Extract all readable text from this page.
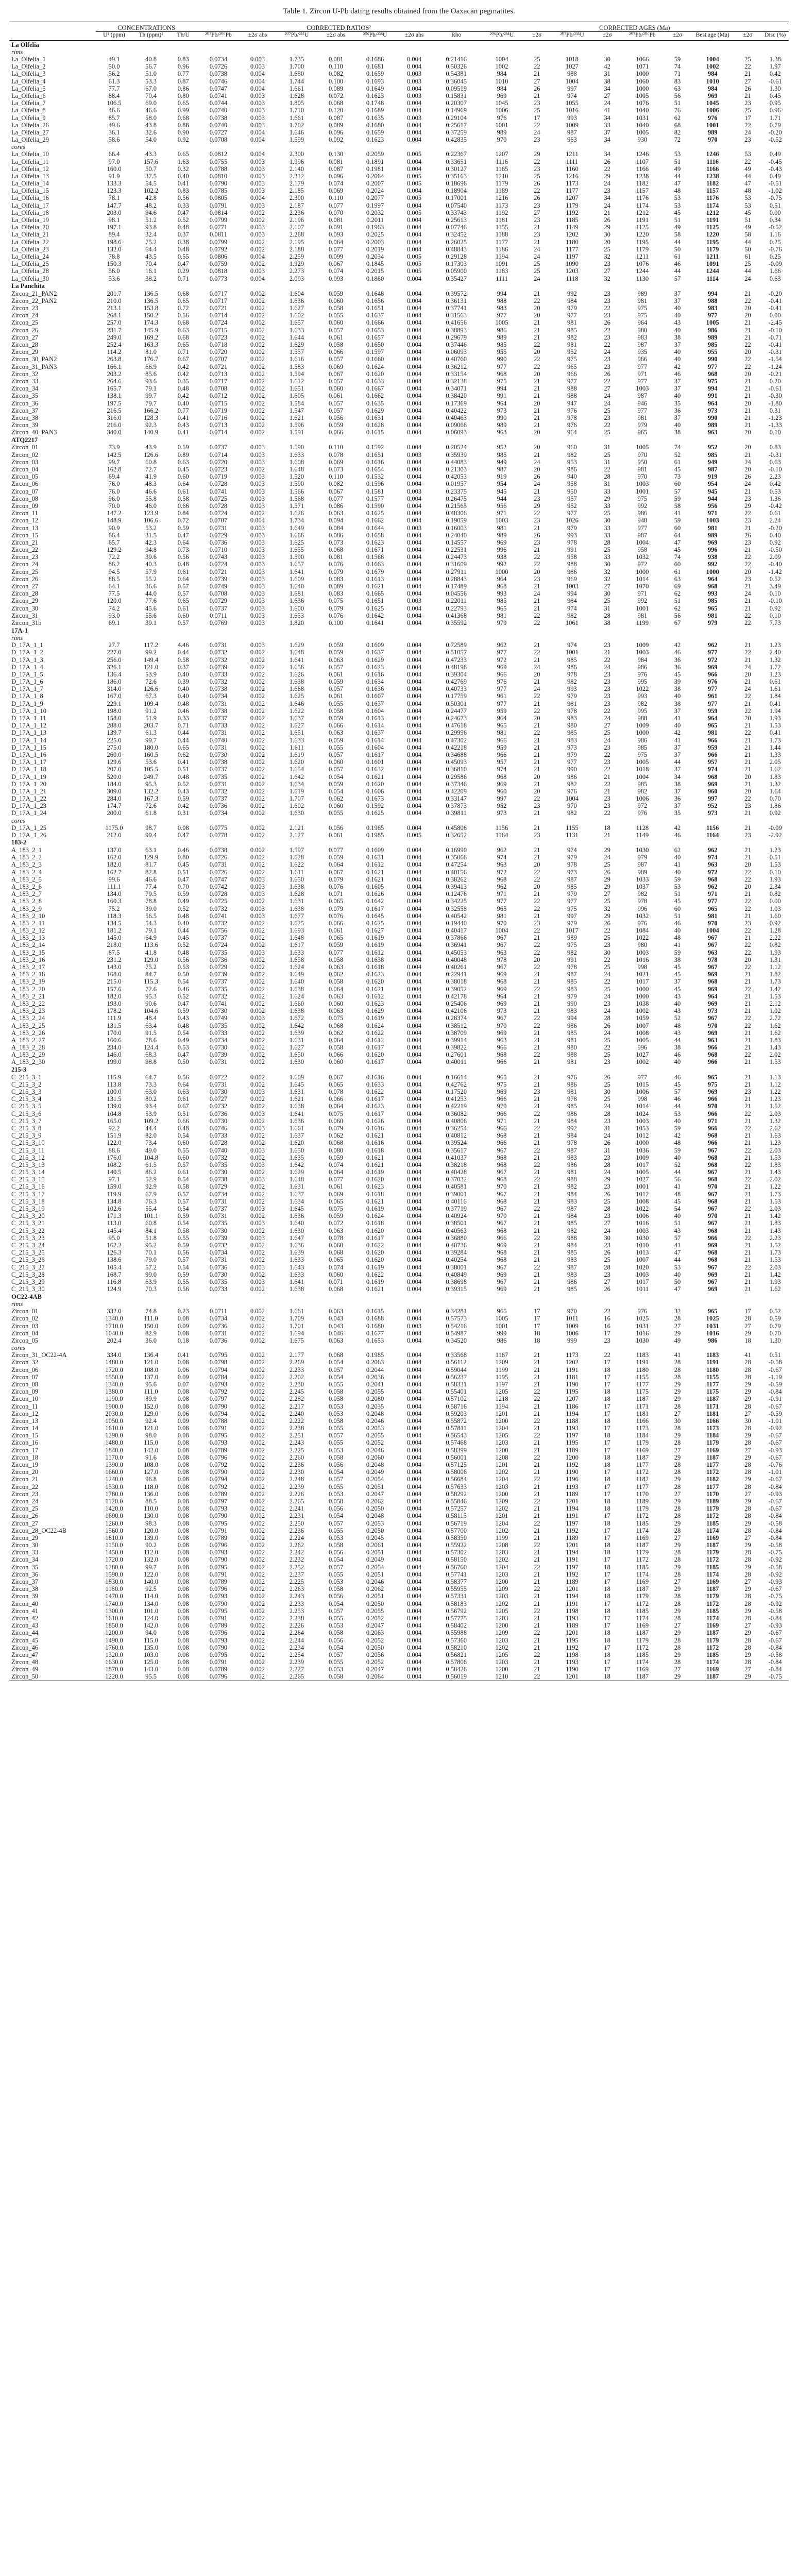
Table 1. Zircon U-Pb dating results obtained from the Oaxacan pegmatites.
	CONCENTRATIONS			CORRECTED RATIOS²							CORRECTED AGES (Ma)								
	U¹ (ppm)	Th (ppm)¹	Th/U	²⁰⁷Pb/²⁰⁶Pb	±2σ abs	²⁰⁷Pb/²³⁵U	±2σ abs	²⁰⁶Pb/²³⁸U	±2σ abs	Rho	²⁰⁶Pb/²³⁸U	±2σ	²⁰⁷Pb/²³⁵U	±2σ	²⁰⁷Pb/²⁰⁶Pb	±2σ	Best age (Ma)	±2σ	Disc (%)
La Olfelia																			
rims																			
La_Olfelia_1	49.1	40.8	0.83	0.0734	0.003	1.735	0.081	0.1686	0.004	0.21416	1004	25	1018	30	1066	59	1004	25	1.38
La_Olfelia_2	50.0	56.7	0.96	0.0726	0.003	1.700	0.110	0.1681	0.004	0.50326	1002	22	1027	42	1071	74	1002	22	1.97
La_Olfelia_3	56.2	51.0	0.77	0.0738	0.004	1.680	0.082	0.1659	0.003	0.54381	984	21	988	31	1000	71	984	21	0.42
La_Olfelia_4	61.3	53.3	0.87	0.0746	0.004	1.744	0.100	0.1693	0.003	0.36045	1010	27	1004	38	1060	83	1010	27	-0.61
La_Olfelia_5	77.7	67.0	0.86	0.0747	0.004	1.661	0.089	0.1649	0.004	0.09519	984	26	997	34	1000	63	984	26	1.30
La_Olfelia_6	88.4	70.4	0.80	0.0741	0.003	1.628	0.072	0.1623	0.003	0.15831	969	21	974	27	1005	56	969	21	0.45
La_Olfelia_7	106.5	69.0	0.65	0.0744	0.003	1.805	0.068	0.1748	0.004	0.20307	1045	23	1055	24	1076	51	1045	23	0.95
La_Olfelia_8	46.6	46.6	0.99	0.0740	0.003	1.710	0.120	0.1689	0.004	0.14969	1006	25	1016	41	1040	76	1006	25	0.96
La_Olfelia_9	85.7	58.0	0.68	0.0738	0.003	1.661	0.087	0.1635	0.003	0.29104	976	17	993	34	1031	62	976	17	1.71
La_Olfelia_26	49.6	43.8	0.88	0.0740	0.003	1.702	0.089	0.1680	0.004	0.25617	1001	22	1009	33	1040	68	1001	22	0.79
La_Olfelia_27	36.1	32.6	0.90	0.0727	0.004	1.646	0.096	0.1659	0.004	0.37259	989	24	987	37	1005	82	989	24	-0.20
La_Olfelia_29	58.6	54.0	0.92	0.0708	0.004	1.599	0.092	0.1623	0.004	0.42835	970	23	963	34	930	72	970	23	-0.52
cores																			
La_Olfelia_10	66.4	43.3	0.65	0.0812	0.004	2.300	0.130	0.2059	0.005	0.22367	1207	29	1211	34	1246	53	1246	53	0.49
La_Olfelia_11	97.0	157.6	1.63	0.0755	0.003	1.996	0.081	0.1891	0.004	0.33651	1116	22	1111	26	1107	51	1116	22	-0.45
La_Olfelia_12	160.0	50.7	0.32	0.0788	0.003	2.140	0.087	0.1981	0.004	0.30127	1165	23	1160	22	1166	49	1166	49	-0.43
La_Olfelia_13	91.9	37.5	0.40	0.0810	0.003	2.312	0.096	0.2064	0.005	0.35163	1210	25	1216	29	1238	44	1238	44	0.49
La_Olfelia_14	133.3	54.5	0.41	0.0790	0.003	2.179	0.074	0.2007	0.005	0.18696	1179	26	1173	24	1182	47	1182	47	-0.51
La_Olfelia_15	123.3	102.2	0.83	0.0785	0.003	2.185	0.069	0.2024	0.004	0.18904	1189	22	1177	23	1157	48	1157	48	-1.02
La_Olfelia_16	78.1	42.8	0.56	0.0805	0.004	2.300	0.110	0.2077	0.005	0.17001	1216	26	1207	34	1176	53	1176	53	-0.75
La_Olfelia_17	147.7	48.2	0.33	0.0791	0.003	2.187	0.077	0.1997	0.004	0.07540	1173	23	1179	24	1174	53	1174	53	0.51
La_Olfelia_18	203.0	94.6	0.47	0.0814	0.002	2.236	0.070	0.2032	0.005	0.33743	1192	27	1192	21	1212	45	1212	45	0.00
La_Olfelia_19	98.1	51.2	0.52	0.0799	0.002	2.196	0.081	0.2011	0.004	0.25613	1181	23	1185	26	1191	51	1191	51	0.34
La_Olfelia_20	197.1	93.8	0.48	0.0771	0.003	2.107	0.091	0.1963	0.004	0.07746	1155	21	1149	29	1125	49	1125	49	-0.52
La_Olfelia_21	89.4	32.4	0.37	0.0811	0.003	2.268	0.093	0.2025	0.004	0.32452	1188	23	1202	30	1220	58	1220	58	1.16
La_Olfelia_22	198.6	75.2	0.38	0.0799	0.002	2.195	0.064	0.2003	0.004	0.26025	1177	21	1180	20	1195	44	1195	44	0.25
La_Olfelia_23	132.0	64.4	0.48	0.0792	0.002	2.188	0.077	0.2019	0.004	0.48843	1186	24	1177	25	1179	50	1179	50	-0.76
La_Olfelia_24	78.8	43.5	0.55	0.0806	0.004	2.259	0.099	0.2034	0.005	0.29128	1194	24	1197	32	1211	61	1211	61	0.25
La_Olfelia_25	150.3	70.4	0.47	0.0759	0.002	1.929	0.067	0.1845	0.005	0.17303	1091	25	1090	23	1076	46	1091	25	-0.09
La_Olfelia_28	56.0	16.1	0.29	0.0818	0.003	2.273	0.074	0.2015	0.005	0.05900	1183	25	1203	27	1244	44	1244	44	1.66
La_Olfelia_30	53.6	38.2	0.71	0.0773	0.004	2.003	0.093	0.1880	0.004	0.35427	1111	24	1118	32	1130	57	1114	24	0.63
La Panchita																			
Zircon_21_PAN2	201.7	136.5	0.68	0.0717	0.002	1.604	0.059	0.1648	0.004	0.39572	994	21	992	23	989	37	994	21	-0.20
Zircon_22_PAN2	210.0	136.5	0.65	0.0717	0.002	1.636	0.060	0.1656	0.004	0.36131	988	22	984	23	981	37	988	22	-0.41
Zircon_23	213.1	153.8	0.72	0.0721	0.002	1.627	0.058	0.1651	0.004	0.37741	983	20	979	22	975	40	983	20	-0.41
Zircon_24	268.1	150.2	0.56	0.0714	0.002	1.602	0.055	0.1637	0.004	0.31563	977	20	977	23	975	40	977	20	0.00
Zircon_25	257.0	174.3	0.68	0.0724	0.002	1.657	0.060	0.1666	0.004	0.41656	1005	21	981	26	964	43	1005	21	-2.45
Zircon_26	231.7	145.9	0.63	0.0715	0.002	1.633	0.057	0.1653	0.004	0.38893	986	21	985	22	980	40	986	21	-0.10
Zircon_27	249.0	169.2	0.68	0.0723	0.002	1.644	0.061	0.1657	0.004	0.29679	989	21	982	23	983	38	989	21	-0.71
Zircon_28	252.4	163.3	0.65	0.0718	0.002	1.629	0.058	0.1650	0.004	0.37446	985	22	981	22	987	37	985	22	-0.41
Zircon_29	114.2	81.0	0.71	0.0720	0.002	1.557	0.066	0.1597	0.004	0.06093	955	20	952	24	935	40	955	20	-0.31
Zircon_30_PAN2	263.8	176.7	0.67	0.0707	0.002	1.616	0.057	0.1660	0.004	0.40760	990	22	975	23	966	40	990	22	-1.54
Zircon_31_PAN3	166.1	66.9	0.42	0.0721	0.002	1.583	0.069	0.1624	0.004	0.36212	977	22	965	23	977	42	977	22	-1.24
Zircon_32	203.2	85.6	0.42	0.0713	0.002	1.594	0.067	0.1620	0.004	0.33154	968	20	966	26	971	46	968	20	-0.21
Zircon_33	264.6	93.6	0.35	0.0717	0.002	1.612	0.057	0.1633	0.004	0.32138	975	21	977	22	977	37	975	21	0.20
Zircon_34	165.7	79.1	0.48	0.0708	0.002	1.651	0.060	0.1667	0.004	0.34071	994	21	988	27	1003	37	994	21	-0.61
Zircon_35	138.1	99.7	0.42	0.0712	0.002	1.605	0.061	0.1662	0.004	0.38420	991	21	988	24	987	40	991	21	-0.30
Zircon_36	197.5	79.7	0.40	0.0715	0.002	1.584	0.057	0.1635	0.004	0.17369	964	20	947	24	946	35	964	20	-1.80
Zircon_37	216.5	166.2	0.77	0.0719	0.002	1.547	0.057	0.1629	0.004	0.40422	973	21	976	25	977	36	973	21	0.31
Zircon_38	316.0	128.3	0.41	0.0716	0.002	1.621	0.056	0.1631	0.004	0.40463	990	21	978	23	981	37	990	21	-1.23
Zircon_39	216.0	92.3	0.43	0.0713	0.002	1.596	0.059	0.1628	0.004	0.09066	989	21	976	22	979	40	989	21	-1.33
Zircon_40_PAN3	340.0	140.9	0.41	0.0714	0.002	1.591	0.066	0.1615	0.004	0.06093	963	20	964	25	965	38	963	20	0.10
ATQ2217																			
Zircon_01	73.9	43.9	0.59	0.0737	0.003	1.590	0.110	0.1592	0.004	0.20524	952	20	960	31	1005	74	952	20	0.83
Zircon_02	142.5	126.6	0.89	0.0714	0.003	1.633	0.078	0.1651	0.003	0.35939	985	21	982	25	970	52	985	21	-0.31
Zircon_03	99.7	60.8	0.63	0.0720	0.003	1.608	0.069	0.1616	0.004	0.44083	949	24	953	31	950	61	949	24	0.63
Zircon_04	162.8	72.7	0.45	0.0723	0.002	1.648	0.073	0.1654	0.004	0.21303	987	20	986	22	981	45	987	20	-0.10
Zircon_05	69.4	41.9	0.60	0.0719	0.003	1.520	0.110	0.1532	0.004	0.42053	919	26	940	28	970	73	919	26	2.23
Zircon_06	76.0	48.3	0.64	0.0728	0.003	1.590	0.082	0.1596	0.004	0.01957	954	24	958	31	1003	60	954	24	0.42
Zircon_07	76.0	46.6	0.61	0.0741	0.003	1.566	0.067	0.1581	0.003	0.23375	945	21	950	33	1001	57	945	21	0.53
Zircon_08	96.0	55.8	0.58	0.0725	0.003	1.568	0.077	0.1577	0.004	0.26475	944	23	957	29	975	59	944	23	1.36
Zircon_09	70.0	46.0	0.66	0.0728	0.003	1.571	0.086	0.1590	0.004	0.21565	956	29	952	33	992	58	956	29	-0.42
Zircon_11	147.2	123.9	0.84	0.0724	0.002	1.626	0.063	0.1625	0.004	0.48306	971	22	977	25	986	41	971	22	0.61
Zircon_12	148.9	106.6	0.72	0.0707	0.004	1.734	0.094	0.1662	0.004	0.19059	1003	23	1026	30	948	59	1003	23	2.24
Zircon_13	90.9	53.2	0.59	0.0731	0.003	1.649	0.084	0.1644	0.003	0.16003	981	21	979	33	977	60	981	21	-0.20
Zircon_15	66.4	31.5	0.47	0.0729	0.003	1.666	0.086	0.1658	0.004	0.24040	989	26	993	33	987	64	989	26	0.40
Zircon_21	65.7	42.3	0.64	0.0736	0.003	1.625	0.073	0.1623	0.004	0.14557	969	23	978	28	1004	47	969	23	0.92
Zircon_22	129.2	94.8	0.73	0.0710	0.003	1.655	0.068	0.1671	0.004	0.22531	996	21	991	25	958	45	996	21	-0.50
Zircon_23	72.2	39.6	0.56	0.0743	0.003	1.590	0.081	0.1568	0.004	0.24473	938	22	958	33	1032	74	938	22	2.09
Zircon_24	86.2	40.3	0.48	0.0724	0.003	1.657	0.076	0.1663	0.004	0.31609	992	22	988	30	972	60	992	22	-0.40
Zircon_25	94.5	57.9	0.61	0.0721	0.003	1.641	0.079	0.1679	0.004	0.27911	1000	20	986	32	1000	61	1000	20	-1.42
Zircon_26	88.5	55.2	0.64	0.0739	0.003	1.609	0.083	0.1613	0.004	0.28843	964	23	969	32	1014	63	964	23	0.52
Zircon_27	64.1	36.6	0.57	0.0749	0.003	1.640	0.089	0.1621	0.004	0.17489	968	21	1003	27	1070	69	968	21	3.49
Zircon_28	77.5	44.0	0.57	0.0708	0.003	1.681	0.083	0.1665	0.004	0.04556	993	24	994	30	971	62	993	24	0.10
Zircon_29	120.0	77.6	0.65	0.0729	0.003	1.636	0.075	0.1651	0.003	0.22011	985	21	984	25	992	51	985	21	-0.10
Zircon_30	74.2	45.6	0.61	0.0737	0.003	1.600	0.079	0.1625	0.004	0.22793	965	21	974	31	1001	62	965	21	0.92
Zircon_31	93.0	55.6	0.60	0.0711	0.003	1.653	0.076	0.1642	0.004	0.41368	981	22	982	28	981	56	981	22	0.10
Zircon_31b	69.1	39.1	0.57	0.0769	0.003	1.820	0.100	0.1641	0.004	0.35592	979	22	1061	38	1199	67	979	22	7.73
17A-1																			
rims																			
D_17A_1_1	27.7	117.2	4.46	0.0731	0.003	1.629	0.059	0.1609	0.004	0.72589	962	21	974	23	1009	42	962	21	1.23
D_17A_1_2	227.0	99.2	0.44	0.0732	0.002	1.648	0.059	0.1637	0.004	0.51057	977	22	1001	21	1003	46	977	22	2.40
D_17A_1_3	256.0	149.4	0.58	0.0732	0.002	1.641	0.063	0.1629	0.004	0.47233	972	21	985	22	984	36	972	21	1.32
D_17A_1_4	326.1	121.0	0.37	0.0739	0.002	1.656	0.057	0.1623	0.004	0.48196	969	24	986	24	986	36	969	24	1.72
D_17A_1_5	136.4	53.9	0.40	0.0733	0.002	1.626	0.061	0.1616	0.004	0.39304	966	20	978	23	976	45	966	20	1.23
D_17A_1_6	186.0	72.6	0.39	0.0732	0.002	1.638	0.059	0.1634	0.004	0.42769	976	21	982	23	995	39	976	21	0.61
D_17A_1_7	314.0	126.6	0.40	0.0738	0.002	1.668	0.057	0.1636	0.004	0.40733	977	24	993	23	1022	38	977	24	1.61
D_17A_1_8	167.0	67.3	0.40	0.0734	0.002	1.625	0.061	0.1607	0.004	0.17759	961	22	979	23	993	40	961	22	1.84
D_17A_1_9	229.1	109.4	0.48	0.0731	0.002	1.646	0.055	0.1637	0.004	0.50301	977	21	981	23	982	38	977	21	0.41
D_17A_1_10	198.0	91.2	0.46	0.0738	0.002	1.622	0.058	0.1604	0.004	0.24477	959	22	978	22	995	37	959	22	1.94
D_17A_1_11	158.0	51.9	0.33	0.0737	0.002	1.637	0.059	0.1613	0.004	0.24673	964	20	983	24	988	41	964	20	1.93
D_17A_1_12	288.0	203.7	0.71	0.0733	0.002	1.627	0.066	0.1614	0.004	0.47618	965	21	980	27	1009	40	965	21	1.53
D_17A_1_13	139.7	61.3	0.44	0.0731	0.002	1.651	0.063	0.1637	0.004	0.29996	981	22	985	25	1000	42	981	22	0.41
D_17A_1_14	225.0	99.7	0.44	0.0740	0.002	1.633	0.059	0.1614	0.004	0.47302	966	21	983	24	986	41	966	21	1.73
D_17A_1_15	275.0	180.0	0.65	0.0731	0.002	1.611	0.055	0.1604	0.004	0.42218	959	21	973	23	985	37	959	21	1.44
D_17A_1_16	260.0	160.5	0.62	0.0730	0.002	1.619	0.057	0.1617	0.004	0.34688	966	21	979	22	975	37	966	21	1.33
D_17A_1_17	129.6	53.6	0.41	0.0738	0.002	1.620	0.060	0.1601	0.004	0.45093	957	21	977	23	1005	44	957	21	2.05
D_17A_1_18	207.0	105.5	0.51	0.0737	0.002	1.654	0.057	0.1632	0.004	0.36810	974	21	990	22	1018	37	974	21	1.62
D_17A_1_19	520.0	249.7	0.48	0.0735	0.002	1.642	0.054	0.1621	0.004	0.29586	968	20	986	21	1004	34	968	20	1.83
D_17A_1_20	184.0	95.3	0.52	0.0731	0.002	1.634	0.059	0.1620	0.004	0.37346	969	21	982	22	985	38	969	21	1.32
D_17A_1_21	309.0	132.2	0.43	0.0732	0.002	1.619	0.054	0.1606	0.004	0.42209	960	20	976	21	982	37	960	20	1.64
D_17A_1_22	284.0	167.3	0.59	0.0737	0.002	1.707	0.062	0.1673	0.004	0.33147	997	22	1004	23	1006	36	997	22	0.70
D_17A_1_23	174.7	72.6	0.42	0.0736	0.002	1.602	0.060	0.1592	0.004	0.37873	952	23	970	23	972	37	952	23	1.86
D_17A_1_24	200.0	61.8	0.31	0.0734	0.002	1.630	0.055	0.1625	0.004	0.39811	973	21	982	22	976	35	973	21	0.92
cores																			
D_17A_1_25	1175.0	98.7	0.08	0.0775	0.002	2.121	0.056	0.1965	0.004	0.45806	1156	21	1155	18	1128	42	1156	21	-0.09
D_17A_1_26	212.0	99.4	0.47	0.0778	0.002	2.127	0.061	0.1985	0.005	0.32652	1164	23	1131	21	1149	46	1164	23	-2.92
183-2																			
A_183_2_1	137.0	63.1	0.46	0.0738	0.002	1.597	0.077	0.1609	0.004	0.16990	962	21	974	29	1030	62	962	21	1.23
A_183_2_2	162.0	129.9	0.80	0.0726	0.002	1.628	0.059	0.1631	0.004	0.35066	974	21	979	24	979	40	974	21	0.51
A_183_2_3	182.0	81.7	0.45	0.0731	0.002	1.622	0.064	0.1612	0.004	0.47254	963	20	978	25	987	41	963	20	1.53
A_183_2_4	162.7	82.8	0.51	0.0726	0.002	1.611	0.067	0.1621	0.004	0.40156	972	22	973	26	989	40	972	22	0.10
A_183_2_5	99.6	46.6	0.47	0.0747	0.003	1.650	0.079	0.1621	0.004	0.38262	968	22	987	29	1033	59	968	22	1.93
A_183_2_6	111.1	77.4	0.70	0.0742	0.003	1.638	0.076	0.1605	0.004	0.39413	962	20	985	29	1037	53	962	20	2.34
A_183_2_7	134.0	79.5	0.59	0.0728	0.003	1.628	0.071	0.1626	0.004	0.12476	971	21	979	27	982	51	971	21	0.82
A_183_2_8	160.3	78.8	0.49	0.0725	0.002	1.631	0.065	0.1642	0.004	0.34225	977	22	977	25	978	45	977	22	0.00
A_183_2_9	75.2	39.0	0.52	0.0732	0.003	1.638	0.079	0.1617	0.004	0.32558	965	22	975	32	996	60	965	22	1.03
A_183_2_10	118.3	56.5	0.48	0.0741	0.003	1.677	0.076	0.1645	0.004	0.40542	981	21	997	29	1032	51	981	21	1.60
A_183_2_11	134.5	54.3	0.40	0.0732	0.002	1.625	0.066	0.1625	0.004	0.19440	970	23	979	26	976	46	970	23	0.92
A_183_2_12	181.2	79.1	0.44	0.0756	0.002	1.693	0.061	0.1627	0.004	0.40417	1004	22	1017	22	1084	40	1004	22	1.28
A_183_2_13	145.0	64.9	0.45	0.0737	0.002	1.648	0.065	0.1619	0.004	0.37866	967	21	989	25	1022	48	967	21	2.22
A_183_2_14	218.0	113.6	0.52	0.0724	0.002	1.617	0.059	0.1619	0.004	0.36941	967	22	975	23	980	41	967	22	0.82
A_183_2_15	87.5	41.8	0.48	0.0735	0.003	1.633	0.077	0.1612	0.004	0.45053	963	22	982	30	1003	59	963	22	1.93
A_183_2_16	231.2	129.0	0.56	0.0736	0.002	1.658	0.058	0.1638	0.004	0.40048	978	20	991	22	1016	38	978	20	1.31
A_183_2_17	143.0	75.2	0.53	0.0729	0.002	1.624	0.063	0.1618	0.004	0.40261	967	22	978	25	998	45	967	22	1.12
A_183_2_18	168.0	84.7	0.50	0.0739	0.002	1.649	0.062	0.1623	0.004	0.22941	969	21	987	24	1021	45	969	21	1.82
A_183_2_19	215.0	115.3	0.54	0.0737	0.002	1.640	0.058	0.1620	0.004	0.38018	968	21	985	22	1017	37	968	21	1.73
A_183_2_20	157.6	72.6	0.46	0.0735	0.002	1.638	0.064	0.1621	0.004	0.39052	969	22	983	25	1000	45	969	22	1.42
A_183_2_21	182.0	95.3	0.52	0.0732	0.002	1.624	0.063	0.1612	0.004	0.42178	964	21	979	24	1000	43	964	21	1.53
A_183_2_22	193.0	90.6	0.47	0.0741	0.002	1.660	0.060	0.1623	0.004	0.25406	969	21	990	23	1038	40	969	21	2.12
A_183_2_23	178.2	104.6	0.59	0.0730	0.002	1.638	0.063	0.1629	0.004	0.42106	973	21	983	24	1002	43	973	21	1.02
A_183_2_24	111.9	48.4	0.43	0.0749	0.003	1.672	0.075	0.1619	0.004	0.28374	967	22	994	28	1059	52	967	22	2.72
A_183_2_25	131.5	63.4	0.48	0.0735	0.002	1.642	0.068	0.1624	0.004	0.38512	970	22	986	26	1007	48	970	22	1.62
A_183_2_26	170.0	91.5	0.54	0.0733	0.002	1.639	0.062	0.1622	0.004	0.38709	969	21	985	24	1008	43	969	21	1.62
A_183_2_27	160.6	78.6	0.49	0.0734	0.002	1.631	0.064	0.1612	0.004	0.39914	963	21	981	25	1005	44	963	21	1.83
A_183_2_28	234.0	124.4	0.53	0.0730	0.002	1.627	0.058	0.1617	0.004	0.39822	966	21	980	22	996	38	966	21	1.43
A_183_2_29	146.0	68.3	0.47	0.0739	0.002	1.650	0.066	0.1620	0.004	0.27601	968	22	988	25	1027	46	968	22	2.02
A_183_2_30	199.0	98.8	0.50	0.0731	0.002	1.630	0.060	0.1617	0.004	0.40011	966	21	981	23	1002	40	966	21	1.53
215-3																			
C_215_3_1	115.9	64.7	0.56	0.0722	0.002	1.609	0.067	0.1616	0.004	0.16614	965	21	976	26	977	46	965	21	1.13
C_215_3_2	113.8	73.3	0.64	0.0731	0.002	1.645	0.065	0.1633	0.004	0.42762	975	21	986	25	1015	45	975	21	1.12
C_215_3_3	100.0	63.0	0.63	0.0730	0.003	1.631	0.078	0.1622	0.004	0.17520	969	23	981	30	1006	57	969	23	1.22
C_215_3_4	131.5	80.2	0.61	0.0727	0.002	1.621	0.066	0.1617	0.004	0.41253	966	21	978	25	998	46	966	21	1.23
C_215_3_5	139.0	93.4	0.67	0.0732	0.002	1.638	0.064	0.1623	0.004	0.42219	970	21	985	24	1014	44	970	21	1.52
C_215_3_6	104.8	53.9	0.51	0.0736	0.003	1.641	0.075	0.1617	0.004	0.36082	966	22	986	28	1024	53	966	22	2.03
C_215_3_7	165.0	109.2	0.66	0.0730	0.002	1.636	0.060	0.1626	0.004	0.40806	971	21	984	23	1003	40	971	21	1.32
C_215_3_8	92.2	44.4	0.48	0.0746	0.003	1.661	0.079	0.1616	0.004	0.36254	966	22	992	31	1053	59	966	22	2.62
C_215_3_9	151.9	82.0	0.54	0.0733	0.002	1.637	0.062	0.1621	0.004	0.40812	968	21	984	24	1012	42	968	21	1.63
C_215_3_10	122.0	73.4	0.60	0.0728	0.002	1.620	0.068	0.1616	0.004	0.39524	966	21	978	26	1000	48	966	21	1.23
C_215_3_11	88.6	49.0	0.55	0.0740	0.003	1.650	0.080	0.1618	0.004	0.35617	967	22	987	31	1036	59	967	22	2.03
C_215_3_12	176.0	104.8	0.60	0.0732	0.002	1.635	0.059	0.1621	0.004	0.41037	968	21	983	23	1009	40	968	21	1.53
C_215_3_13	108.2	61.5	0.57	0.0735	0.003	1.642	0.074	0.1621	0.004	0.38218	968	22	986	28	1017	52	968	22	1.83
C_215_3_14	140.5	86.2	0.61	0.0730	0.002	1.629	0.064	0.1619	0.004	0.40428	967	21	981	24	1005	44	967	21	1.43
C_215_3_15	97.1	52.9	0.54	0.0738	0.003	1.648	0.077	0.1620	0.004	0.37032	968	22	988	29	1027	56	968	22	2.02
C_215_3_16	159.0	92.9	0.58	0.0729	0.002	1.631	0.061	0.1623	0.004	0.40581	970	21	982	23	1001	41	970	21	1.22
C_215_3_17	119.9	67.9	0.57	0.0734	0.002	1.637	0.069	0.1618	0.004	0.39001	967	21	984	26	1012	48	967	21	1.73
C_215_3_18	134.8	76.3	0.57	0.0731	0.002	1.634	0.065	0.1621	0.004	0.40116	968	21	983	25	1008	45	968	21	1.53
C_215_3_19	102.6	55.4	0.54	0.0737	0.003	1.645	0.075	0.1619	0.004	0.37719	967	22	987	28	1022	54	967	22	2.03
C_215_3_20	171.3	101.1	0.59	0.0731	0.002	1.636	0.059	0.1624	0.004	0.40924	970	21	984	23	1006	40	970	21	1.42
C_215_3_21	113.0	60.8	0.54	0.0735	0.003	1.640	0.072	0.1618	0.004	0.38501	967	21	985	27	1016	51	967	21	1.83
C_215_3_22	145.4	84.1	0.58	0.0730	0.002	1.630	0.063	0.1620	0.004	0.40563	968	21	982	24	1003	43	968	21	1.43
C_215_3_23	95.0	51.8	0.55	0.0739	0.003	1.647	0.078	0.1617	0.004	0.36880	966	22	988	30	1030	57	966	22	2.23
C_215_3_24	162.2	95.2	0.59	0.0732	0.002	1.636	0.060	0.1622	0.004	0.40736	969	21	984	23	1010	41	969	21	1.52
C_215_3_25	126.3	70.1	0.56	0.0734	0.002	1.639	0.068	0.1620	0.004	0.39284	968	21	985	26	1013	47	968	21	1.73
C_215_3_26	138.6	79.0	0.57	0.0731	0.002	1.633	0.065	0.1620	0.004	0.40254	968	21	983	25	1007	44	968	21	1.53
C_215_3_27	105.4	57.2	0.54	0.0736	0.003	1.643	0.074	0.1619	0.004	0.38001	967	22	987	28	1020	53	967	22	2.03
C_215_3_28	168.7	99.0	0.59	0.0730	0.002	1.633	0.060	0.1622	0.004	0.40849	969	21	983	23	1003	40	969	21	1.42
C_215_3_29	116.8	63.9	0.55	0.0735	0.003	1.641	0.071	0.1619	0.004	0.38698	967	21	986	27	1017	50	967	21	1.93
C_215_3_30	124.9	70.3	0.56	0.0733	0.002	1.638	0.068	0.1621	0.004	0.39315	969	21	985	26	1011	47	969	21	1.62
OC22-4AB																			
rims																			
Zircon_01	332.0	74.8	0.23	0.0711	0.002	1.661	0.063	0.1615	0.004	0.34281	965	17	970	22	976	32	965	17	0.52
Zircon_02	1340.0	111.0	0.08	0.0734	0.002	1.709	0.043	0.1688	0.004	0.57573	1005	17	1011	16	1025	28	1025	28	0.59
Zircon_03	1710.0	150.0	0.09	0.0736	0.002	1.701	0.043	0.1680	0.003	0.54216	1001	17	1009	16	1031	27	1031	27	0.79
Zircon_04	1040.0	82.9	0.08	0.0731	0.002	1.694	0.046	0.1677	0.004	0.54987	999	18	1006	17	1016	29	1016	29	0.70
Zircon_05	202.4	36.0	0.18	0.0736	0.002	1.675	0.063	0.1653	0.004	0.34520	986	18	999	23	1030	49	986	18	1.30
cores																			
Zircon_31_OC22-4A	334.0	136.4	0.41	0.0795	0.002	2.177	0.068	0.1985	0.004	0.33568	1167	21	1173	22	1183	41	1183	41	0.51
Zircon_32	1480.0	121.0	0.08	0.0798	0.002	2.269	0.054	0.2063	0.004	0.56112	1209	21	1202	17	1191	28	1191	28	-0.58
Zircon_06	1720.0	108.0	0.06	0.0794	0.002	2.233	0.057	0.2044	0.004	0.59044	1199	21	1191	18	1180	28	1180	28	-0.67
Zircon_07	1550.0	137.0	0.09	0.0784	0.002	2.202	0.054	0.2036	0.004	0.56237	1195	21	1181	17	1155	28	1155	28	-1.19
Zircon_08	1340.0	95.6	0.07	0.0793	0.002	2.230	0.055	0.2041	0.004	0.58331	1197	21	1190	17	1177	29	1177	29	-0.59
Zircon_09	1380.0	111.0	0.08	0.0792	0.002	2.245	0.058	0.2055	0.004	0.55401	1205	22	1195	18	1175	29	1175	29	-0.84
Zircon_10	1190.0	89.9	0.08	0.0797	0.002	2.282	0.058	0.2080	0.004	0.57102	1218	22	1207	18	1187	29	1187	29	-0.91
Zircon_11	1900.0	152.0	0.08	0.0790	0.002	2.217	0.053	0.2035	0.004	0.58716	1194	21	1186	17	1171	28	1171	28	-0.67
Zircon_12	2030.0	129.0	0.06	0.0794	0.002	2.240	0.053	0.2048	0.004	0.59203	1201	21	1194	17	1181	27	1181	27	-0.59
Zircon_13	1050.0	92.4	0.09	0.0788	0.002	2.222	0.058	0.2046	0.004	0.55872	1200	22	1188	18	1166	30	1166	30	-1.01
Zircon_14	1610.0	121.0	0.08	0.0791	0.002	2.238	0.055	0.2053	0.004	0.57811	1204	21	1193	17	1173	28	1173	28	-0.92
Zircon_15	1290.0	98.0	0.08	0.0795	0.002	2.251	0.057	0.2055	0.004	0.56543	1205	22	1197	18	1184	29	1184	29	-0.67
Zircon_16	1480.0	115.0	0.08	0.0793	0.002	2.243	0.055	0.2052	0.004	0.57468	1203	21	1195	17	1179	28	1179	28	-0.67
Zircon_17	1840.0	142.0	0.08	0.0789	0.002	2.225	0.053	0.2046	0.004	0.58399	1200	21	1189	17	1169	27	1169	27	-0.93
Zircon_18	1170.0	91.6	0.08	0.0796	0.002	2.260	0.058	0.2060	0.004	0.56001	1208	22	1200	18	1187	29	1187	29	-0.67
Zircon_19	1390.0	108.0	0.08	0.0792	0.002	2.236	0.056	0.2048	0.004	0.57125	1201	21	1192	18	1177	28	1177	28	-0.76
Zircon_20	1660.0	127.0	0.08	0.0790	0.002	2.230	0.054	0.2049	0.004	0.58006	1202	21	1190	17	1172	28	1172	28	-1.01
Zircon_21	1240.0	96.8	0.08	0.0794	0.002	2.248	0.057	0.2054	0.004	0.56684	1204	22	1196	18	1182	29	1182	29	-0.67
Zircon_22	1530.0	118.0	0.08	0.0792	0.002	2.239	0.055	0.2051	0.004	0.57633	1203	21	1193	17	1177	28	1177	28	-0.84
Zircon_23	1780.0	136.0	0.08	0.0789	0.002	2.226	0.053	0.2047	0.004	0.58292	1200	21	1189	17	1170	27	1170	27	-0.93
Zircon_24	1120.0	88.5	0.08	0.0797	0.002	2.265	0.058	0.2062	0.004	0.55846	1209	22	1201	18	1189	29	1189	29	-0.67
Zircon_25	1420.0	110.0	0.08	0.0793	0.002	2.241	0.056	0.2050	0.004	0.57257	1202	21	1194	18	1179	28	1179	28	-0.67
Zircon_26	1690.0	130.0	0.08	0.0790	0.002	2.231	0.054	0.2048	0.004	0.58115	1201	21	1191	17	1172	28	1172	28	-0.84
Zircon_27	1260.0	98.3	0.08	0.0795	0.002	2.250	0.057	0.2053	0.004	0.56719	1204	22	1197	18	1185	29	1185	29	-0.58
Zircon_28_OC22-4B	1560.0	120.0	0.08	0.0791	0.002	2.236	0.055	0.2050	0.004	0.57700	1202	21	1192	17	1174	28	1174	28	-0.84
Zircon_29	1810.0	139.0	0.08	0.0789	0.002	2.224	0.053	0.2045	0.004	0.58350	1199	21	1189	17	1169	27	1169	27	-0.84
Zircon_30	1150.0	90.2	0.08	0.0796	0.002	2.262	0.058	0.2061	0.004	0.55922	1208	22	1201	18	1187	29	1187	29	-0.58
Zircon_33	1450.0	112.0	0.08	0.0793	0.002	2.242	0.056	0.2051	0.004	0.57302	1203	21	1194	18	1179	28	1179	28	-0.75
Zircon_34	1720.0	132.0	0.08	0.0790	0.002	2.232	0.054	0.2049	0.004	0.58150	1202	21	1191	17	1172	28	1172	28	-0.92
Zircon_35	1280.0	99.7	0.08	0.0795	0.002	2.252	0.057	0.2054	0.004	0.56760	1204	22	1197	18	1185	29	1185	29	-0.58
Zircon_36	1590.0	122.0	0.08	0.0791	0.002	2.237	0.055	0.2051	0.004	0.57741	1203	21	1192	17	1174	28	1174	28	-0.92
Zircon_37	1830.0	140.0	0.08	0.0789	0.002	2.225	0.053	0.2046	0.004	0.58377	1200	21	1189	17	1169	27	1169	27	-0.93
Zircon_38	1180.0	92.5	0.08	0.0796	0.002	2.263	0.058	0.2062	0.004	0.55955	1209	22	1201	18	1187	29	1187	29	-0.67
Zircon_39	1470.0	114.0	0.08	0.0793	0.002	2.243	0.056	0.2051	0.004	0.57331	1203	21	1194	18	1179	28	1179	28	-0.75
Zircon_40	1740.0	134.0	0.08	0.0790	0.002	2.233	0.054	0.2050	0.004	0.58183	1202	21	1191	17	1172	28	1172	28	-0.92
Zircon_41	1300.0	101.0	0.08	0.0795	0.002	2.253	0.057	0.2055	0.004	0.56792	1205	22	1198	18	1185	29	1185	29	-0.58
Zircon_42	1610.0	124.0	0.08	0.0791	0.002	2.238	0.055	0.2052	0.004	0.57775	1203	21	1193	17	1174	28	1174	28	-0.84
Zircon_43	1850.0	142.0	0.08	0.0789	0.002	2.226	0.053	0.2047	0.004	0.58402	1200	21	1189	17	1169	27	1169	27	-0.93
Zircon_44	1200.0	94.0	0.08	0.0796	0.002	2.264	0.058	0.2063	0.004	0.55988	1209	22	1201	18	1187	29	1187	29	-0.67
Zircon_45	1490.0	115.0	0.08	0.0793	0.002	2.244	0.056	0.2052	0.004	0.57360	1203	21	1195	18	1179	28	1179	28	-0.67
Zircon_46	1760.0	135.0	0.08	0.0790	0.002	2.234	0.054	0.2050	0.004	0.58210	1202	21	1192	17	1172	28	1172	28	-0.84
Zircon_47	1320.0	103.0	0.08	0.0795	0.002	2.254	0.057	0.2056	0.004	0.56821	1205	22	1198	18	1185	29	1185	29	-0.58
Zircon_48	1630.0	125.0	0.08	0.0791	0.002	2.239	0.055	0.2052	0.004	0.57806	1203	21	1193	17	1174	28	1174	28	-0.84
Zircon_49	1870.0	143.0	0.08	0.0789	0.002	2.227	0.053	0.2047	0.004	0.58426	1200	21	1190	17	1169	27	1169	27	-0.84
Zircon_50	1220.0	95.5	0.08	0.0796	0.002	2.265	0.058	0.2064	0.004	0.56019	1210	22	1201	18	1187	29	1187	29	-0.75
